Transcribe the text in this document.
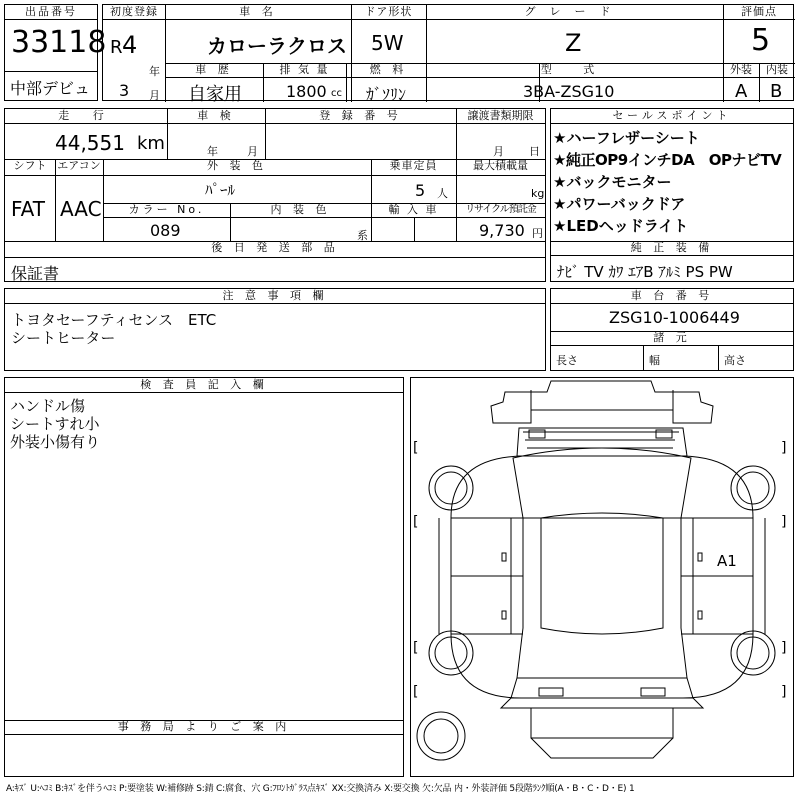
出品番号
33118
中部デビュ
初度登録
R 4
年
3 月
車 名
カローラクロス
ドア形状
5W
グレード
Z
評価点
5
車 歴
自家用
排 気 量
1800 cc
燃 料
ｶﾞｿﾘﾝ
型 式
3BA-ZSG10
外装	内装
A B
走 行
44,551 km
車 検
年	月
登 録 番 号	譲渡書類期限
月 日
シフト
FAT
エアコン
AAC
外 装 色
ﾊﾟｰﾙ
乗車定員
5 人
最大積載量
kg
カラー No.
089
内 装 色
系
輸 入 車	リサイクル預託金
9,730 円
後 日 発 送 部 品
保証書
セールスポイント
★ハーフレザーシート
★純正OP9インチDA　OPナビTV
★バックモニター
★パワーバックドア
★LEDヘッドライト
純 正 装 備
ﾅﾋﾞ TV ｶﾜ ｴｱB ｱﾙﾐ PS PW
注 意 事 項 欄
トヨタセーフティセンス　ETC
シートヒーター
車 台 番 号
ZSG10-1006449
諸 元
長さ	幅	高さ
検 査 員 記 入 欄
ハンドル傷
シートすれ小
外装小傷有り
事 務 局 よ り ご 案 内
[	]
[	]
[	]
[	]
A1
A:ｷｽﾞ U:ﾍｺﾐ B:ｷｽﾞを伴うﾍｺﾐ P:要塗装 W:補修跡 S:錆 C:腐食、穴 G:ﾌﾛﾝﾄｶﾞﾗｽ点ｷｽﾞ XX:交換済み X:要交換 欠:欠品 内・外装評価 5段階ﾗﾝｸ順(A・B・C・D・E) 1
